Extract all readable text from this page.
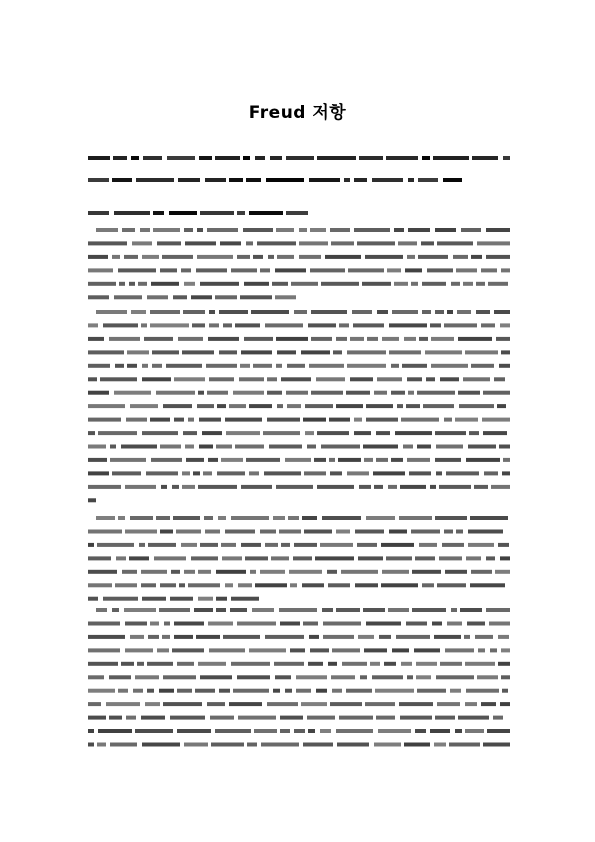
Freud 저항
